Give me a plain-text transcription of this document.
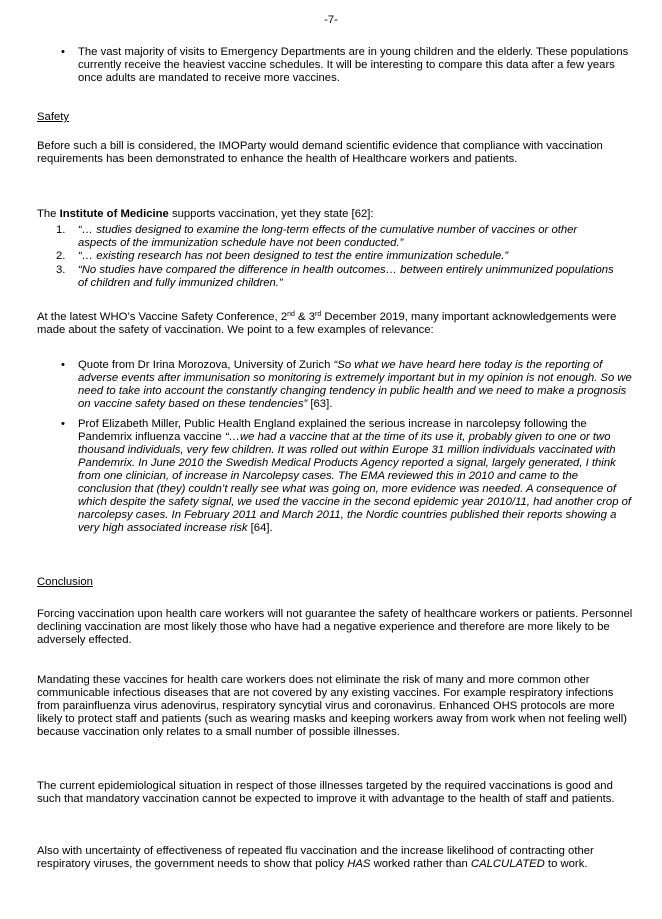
-7-

• The vast majority of visits to Emergency Departments are in young children and the elderly. These populations currently receive the heaviest vaccine schedules. It will be interesting to compare this data after a few years once adults are mandated to receive more vaccines.

Safety

Before such a bill is considered, the IMOParty would demand scientific evidence that compliance with vaccination requirements has been demonstrated to enhance the health of Healthcare workers and patients.

The Institute of Medicine supports vaccination, yet they state [62]:

1. “… studies designed to examine the long-term effects of the cumulative number of vaccines or other aspects of the immunization schedule have not been conducted.”

2. “… existing research has not been designed to test the entire immunization schedule.”

3. “No studies have compared the difference in health outcomes… between entirely unimmunized populations of children and fully immunized children.”

At the latest WHO’s Vaccine Safety Conference, 2nd & 3rd December 2019, many important acknowledgements were made about the safety of vaccination. We point to a few examples of relevance:

• Quote from Dr Irina Morozova, University of Zurich “So what we have heard here today is the reporting of adverse events after immunisation so monitoring is extremely important but in my opinion is not enough. So we need to take into account the constantly changing tendency in public health and we need to make a prognosis on vaccine safety based on these tendencies” [63].

• Prof Elizabeth Miller, Public Health England explained the serious increase in narcolepsy following the Pandemrix influenza vaccine “…we had a vaccine that at the time of its use it, probably given to one or two thousand individuals, very few children. It was rolled out within Europe 31 million individuals vaccinated with Pandemrix. In June 2010 the Swedish Medical Products Agency reported a signal, largely generated, I think from one clinician, of increase in Narcolepsy cases. The EMA reviewed this in 2010 and came to the conclusion that (they) couldn’t really see what was going on, more evidence was needed. A consequence of which despite the safety signal, we used the vaccine in the second epidemic year 2010/11, had another crop of narcolepsy cases. In February 2011 and March 2011, the Nordic countries published their reports showing a very high associated increase risk [64].

Conclusion

Forcing vaccination upon health care workers will not guarantee the safety of healthcare workers or patients. Personnel declining vaccination are most likely those who have had a negative experience and therefore are more likely to be adversely effected.

Mandating these vaccines for health care workers does not eliminate the risk of many and more common other communicable infectious diseases that are not covered by any existing vaccines. For example respiratory infections from parainfluenza virus adenovirus, respiratory syncytial virus and coronavirus. Enhanced OHS protocols are more likely to protect staff and patients (such as wearing masks and keeping workers away from work when not feeling well) because vaccination only relates to a small number of possible illnesses.

The current epidemiological situation in respect of those illnesses targeted by the required vaccinations is good and such that mandatory vaccination cannot be expected to improve it with advantage to the health of staff and patients.

Also with uncertainty of effectiveness of repeated flu vaccination and the increase likelihood of contracting other respiratory viruses, the government needs to show that policy HAS worked rather than CALCULATED to work.
